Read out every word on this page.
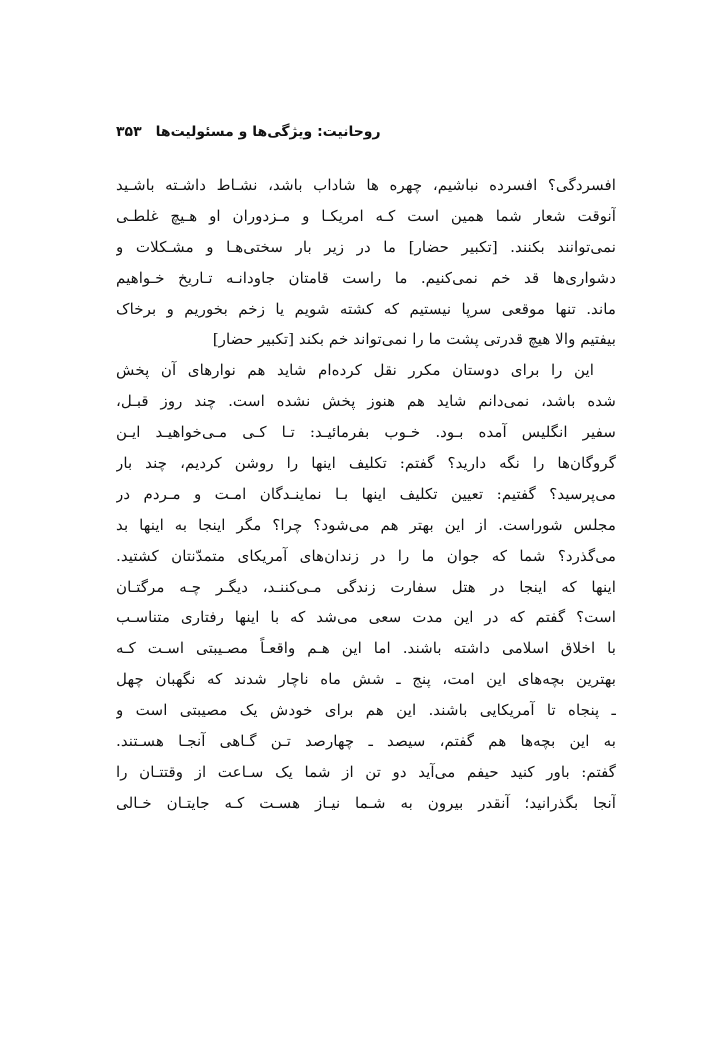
روحانیت: ویژگی‌ها و مسئولیت‌ها
۳۵۳
افسردگی؟ افسرده نباشیم، چهره ها شاداب باشد، نشـاط داشـته باشـید
آنوقت شعار شما همین است کـه امریکـا و مـزدوران او هـیچ غلطـی
نمی‌توانند بکنند. [تکبیر حضار] ما در زیر بار سختی‌هـا و مشـکلات و
دشواری‌ها قد خم نمی‌کنیم. ما راست قامتان جاودانـه تـاریخ خـواهیم
ماند. تنها موقعی سرپا نیستیم که کشته شویم یا زخم بخوریم و برخاک
بیفتیم والا هیچ قدرتی پشت ما را نمی‌تواند خم بکند [تکبیر حضار]
این را برای دوستان مکرر نقل کرده‌ام شاید هم نوارهای آن پخش
شده باشد، نمی‌دانم شاید هم هنوز پخش نشده است. چند روز قبـل،
سفیر انگلیس آمده بـود. خـوب بفرمائیـد: تـا کـی مـی‌خواهیـد ایـن
گروگان‌ها را نگه دارید؟ گفتم: تکلیف اینها را روشن کردیم، چند بار
می‌پرسید؟ گفتیم: تعیین تکلیف اینها بـا نماینـدگان امـت و مـردم در
مجلس شوراست. از این بهتر هم می‌شود؟ چرا؟ مگر اینجا به اینها بد
می‌گذرد؟ شما که جوان ما را در زندان‌های آمریکای متمدّنتان کشتید.
اینها که اینجا در هتل سفارت زندگی مـی‌کننـد، دیگـر چـه مرگتـان
است؟ گفتم که در این مدت سعی می‌شد که با اینها رفتاری متناسـب
با اخلاق اسلامی داشته باشند. اما این هـم واقعـاً مصـیبتی اسـت کـه
بهترین بچه‌های این امت، پنج ـ شش ماه ناچار شدند که نگهبان چهل
ـ پنجاه تا آمریکایی باشند. این هم برای خودش یک مصیبتی است و
به این بچه‌ها هم گفتم، سیصد ـ چهارصد تـن گـاهی آنجـا هسـتند.
گفتم: باور کنید حیفم می‌آید دو تن از شما یک سـاعت از وقتتـان را
آنجا بگذرانید؛ آنقدر بیرون به شـما نیـاز هسـت کـه جایتـان خـالی
